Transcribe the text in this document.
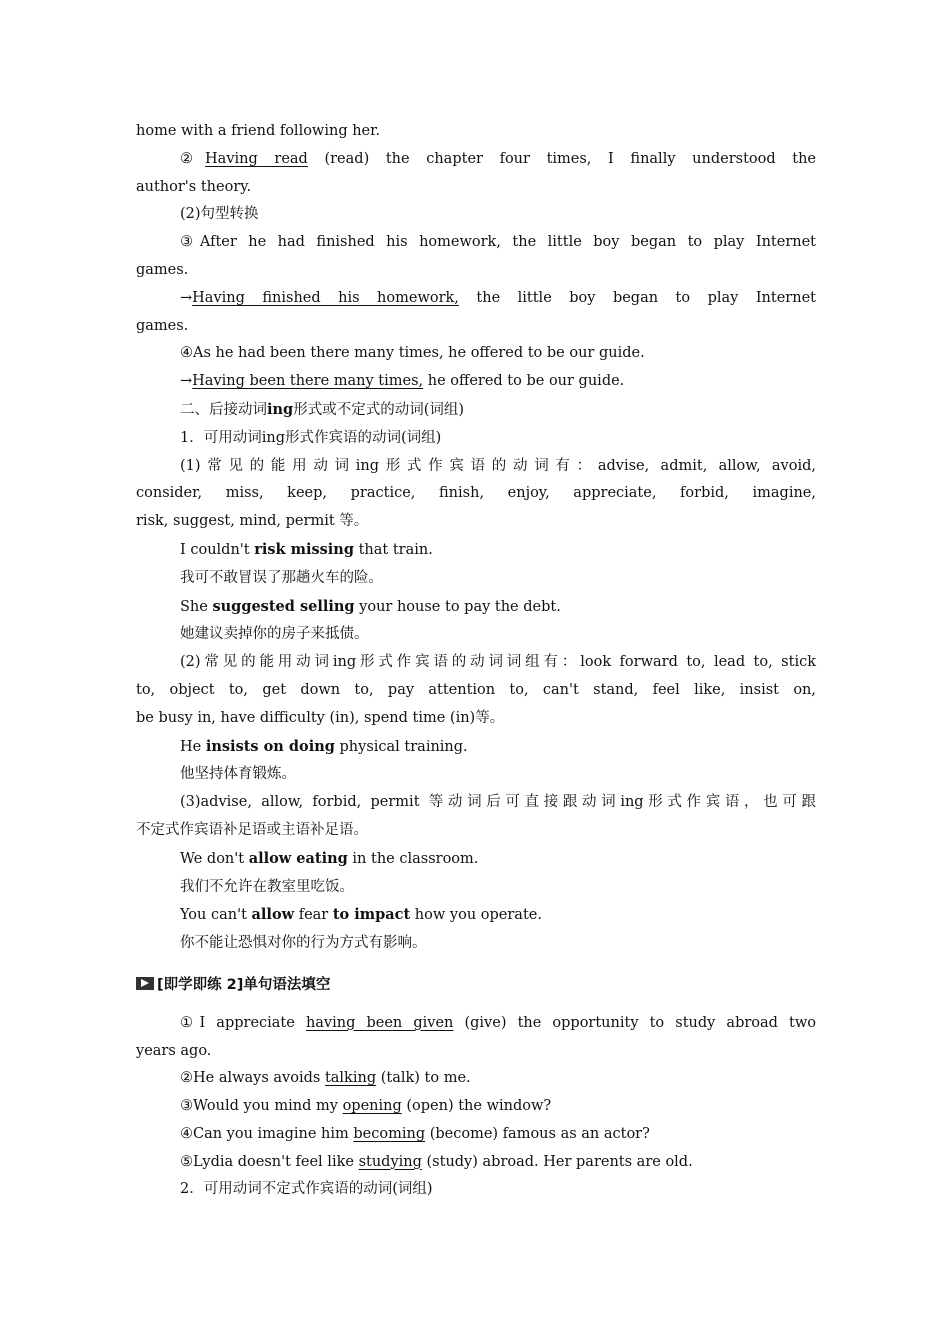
home with a friend following her.
②Having read (read) the chapter four times, I finally understood the
author's theory.
(2)句型转换
③After he had finished his homework, the little boy began to play Internet
games.
→Having finished his homework, the little boy began to play Internet
games.
④As he had been there many times, he offered to be our guide.
→Having been there many times, he offered to be our guide.
二、后接动词ing形式或不定式的动词(词组)
1．可用动词ing形式作宾语的动词(词组)
(1)常见的能用动词ing形式作宾语的动词有：advise, admit, allow, avoid,
consider, miss, keep, practice, finish, enjoy, appreciate, forbid, imagine,
risk, suggest, mind, permit 等。
I couldn't risk missing that train.
我可不敢冒误了那趟火车的险。
She suggested selling your house to pay the debt.
她建议卖掉你的房子来抵债。
(2)常见的能用动词ing形式作宾语的动词词组有：look forward to, lead to, stick
to, object to, get down to, pay attention to, can't stand, feel like, insist on,
be busy in, have difficulty (in), spend time (in)等。
He insists on doing physical training.
他坚持体育锻炼。
(3)advise, allow, forbid, permit 等动词后可直接跟动词ing形式作宾语，也可跟
不定式作宾语补足语或主语补足语。
We don't allow eating in the classroom.
我们不允许在教室里吃饭。
You can't allow fear to impact how you operate.
你不能让恐惧对你的行为方式有影响。
[即学即练 2]单句语法填空
①I appreciate having been given (give) the opportunity to study abroad two
years ago.
②He always avoids talking (talk) to me.
③Would you mind my opening (open) the window?
④Can you imagine him becoming (become) famous as an actor?
⑤Lydia doesn't feel like studying (study) abroad. Her parents are old.
2．可用动词不定式作宾语的动词(词组)
